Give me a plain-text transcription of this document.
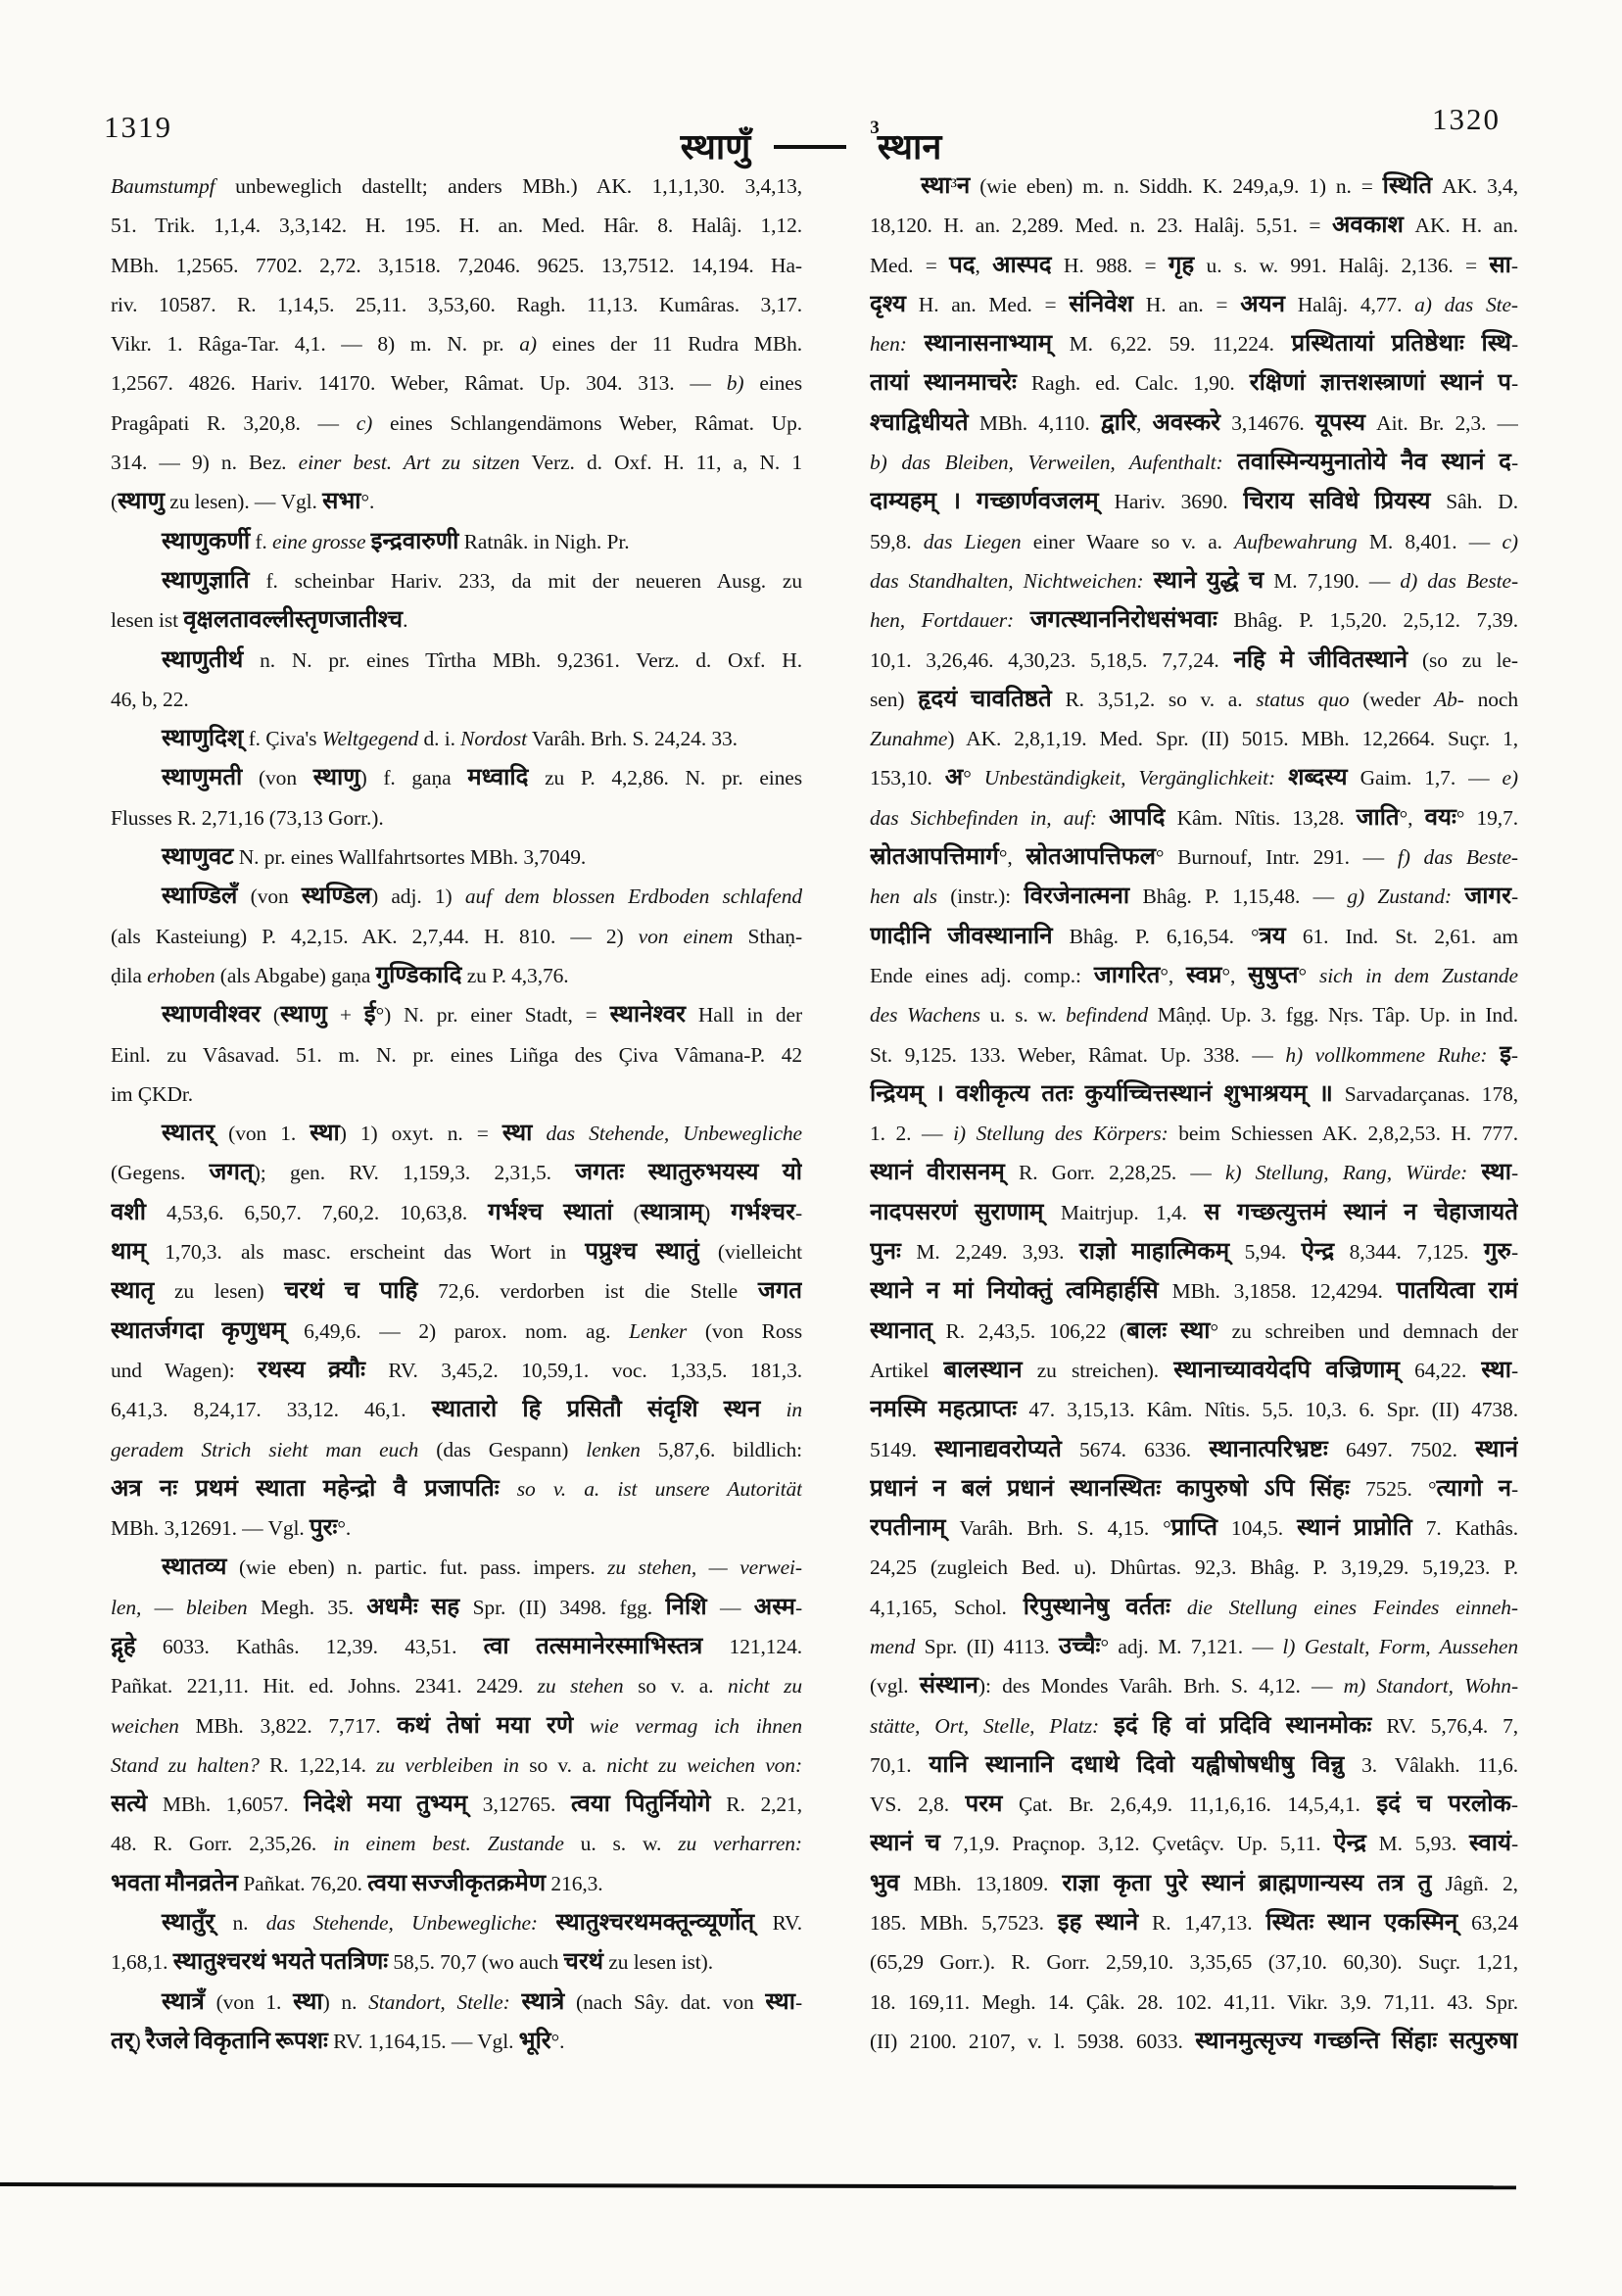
1319
स्थाणुँ	$^3$स्थान
1320
Baumstumpf unbeweglich dastellt; anders MBh.) AK. 1,1,1,30. 3,4,13,
51. Trik. 1,1,4. 3,3,142. H. 195. H. an. Med. Hâr. 8. Halâj. 1,12.
MBh. 1,2565. 7702. 2,72. 3,1518. 7,2046. 9625. 13,7512. 14,194. Ha-
riv. 10587. R. 1,14,5. 25,11. 3,53,60. Ragh. 11,13. Kumâras. 3,17.
Vikr. 1. Râga-Tar. 4,1. — 8) m. N. pr. a) eines der 11 Rudra MBh.
1,2567. 4826. Hariv. 14170. Weber, Râmat. Up. 304. 313. — b) eines
Pragâpati R. 3,20,8. — c) eines Schlangendämons Weber, Râmat. Up.
314. — 9) n. Bez. einer best. Art zu sitzen Verz. d. Oxf. H. 11, a, N. 1
(स्थाणु zu lesen). — Vgl. सभा°.
स्थाणुकर्णी f. eine grosse इन्द्रवारुणी Ratnâk. in Nigh. Pr.
स्थाणुज्ञाति f. scheinbar Hariv. 233, da mit der neueren Ausg. zu
lesen ist वृक्षलतावल्लीस्तृणजातीश्च.
स्थाणुतीर्थ n. N. pr. eines Tîrtha MBh. 9,2361. Verz. d. Oxf. H.
46, b, 22.
स्थाणुदिश् f. Çiva's Weltgegend d. i. Nordost Varâh. Brh. S. 24,24. 33.
स्थाणुमती (von स्थाणु) f. gaṇa मध्वादि zu P. 4,2,86. N. pr. eines
Flusses R. 2,71,16 (73,13 Gorr.).
स्थाणुवट N. pr. eines Wallfahrtsortes MBh. 3,7049.
स्थाण्डिलँ (von स्थण्डिल) adj. 1) auf dem blossen Erdboden schlafend
(als Kasteiung) P. 4,2,15. AK. 2,7,44. H. 810. — 2) von einem Sthaṇ-
ḍila erhoben (als Abgabe) gaṇa गुण्डिकादि zu P. 4,3,76.
स्थाणवीश्वर (स्थाणु + ई°) N. pr. einer Stadt, = स्थानेश्वर Hall in der
Einl. zu Vâsavad. 51. m. N. pr. eines Liñga des Çiva Vâmana-P. 42
im ÇKDr.
स्थातर् (von 1. स्था) 1) oxyt. n. = स्था das Stehende, Unbewegliche
(Gegens. जगत्); gen. RV. 1,159,3. 2,31,5. जगतः स्थातुरुभयस्य यो
वशी 4,53,6. 6,50,7. 7,60,2. 10,63,8. गर्भश्च स्थातां (स्थात्राम्) गर्भश्चर-
थाम् 1,70,3. als masc. erscheint das Wort in पप्रुश्च स्थातुं (vielleicht
स्थातृ zu lesen) चरथं च पाहि 72,6. verdorben ist die Stelle जगत
स्थातर्जगदा कृणुधम् 6,49,6. — 2) parox. nom. ag. Lenker (von Ross
und Wagen): रथस्य क्र्यौः RV. 3,45,2. 10,59,1. voc. 1,33,5. 181,3.
6,41,3. 8,24,17. 33,12. 46,1. स्थातारो हि प्रसितौ संदृशि स्थन in
geradem Strich sieht man euch (das Gespann) lenken 5,87,6. bildlich:
अत्र नः प्रथमं स्थाता महेन्द्रो वै प्रजापतिः so v. a. ist unsere Autorität
MBh. 3,12691. — Vgl. पुरः°.
स्थातव्य (wie eben) n. partic. fut. pass. impers. zu stehen, — verwei-
len, — bleiben Megh. 35. अधमैः सह Spr. (II) 3498. fgg. निशि — अस्म-
द्गृहे 6033. Kathâs. 12,39. 43,51. त्वा तत्समानेरस्माभिस्तत्र 121,124.
Pañkat. 221,11. Hit. ed. Johns. 2341. 2429. zu stehen so v. a. nicht zu
weichen MBh. 3,822. 7,717. कथं तेषां मया रणे wie vermag ich ihnen
Stand zu halten? R. 1,22,14. zu verbleiben in so v. a. nicht zu weichen von:
सत्ये MBh. 1,6057. निदेशे मया तुभ्यम् 3,12765. त्वया पितुर्नियोगे R. 2,21,
48. R. Gorr. 2,35,26. in einem best. Zustande u. s. w. zu verharren:
भवता मौनव्रतेन Pañkat. 76,20. त्वया सज्जीकृतक्रमेण 216,3.
स्थातुँर् n. das Stehende, Unbewegliche: स्थातुश्चरथमक्तून्व्यूर्णोत् RV.
1,68,1. स्थातुश्चरथं भयते पतत्रिणः 58,5. 70,7 (wo auch चरथं zu lesen ist).
स्थात्रँ (von 1. स्था) n. Standort, Stelle: स्थात्रे (nach Sây. dat. von स्था-
तर्) रैजले विकृतानि रूपशः RV. 1,164,15. — Vgl. भूरि°.
स्था³न (wie eben) m. n. Siddh. K. 249,a,9. 1) n. = स्थिति AK. 3,4,
18,120. H. an. 2,289. Med. n. 23. Halâj. 5,51. = अवकाश AK. H. an.
Med. = पद, आस्पद H. 988. = गृह u. s. w. 991. Halâj. 2,136. = सा-
दृश्य H. an. Med. = संनिवेश H. an. = अयन Halâj. 4,77. a) das Ste-
hen: स्थानासनाभ्याम् M. 6,22. 59. 11,224. प्रस्थितायां प्रतिष्ठेथाः स्थि-
तायां स्थानमाचरेः Ragh. ed. Calc. 1,90. रक्षिणां ज्ञात्तशस्त्राणां स्थानं प-
श्चाद्विधीयते MBh. 4,110. द्वारि, अवस्करे 3,14676. यूपस्य Ait. Br. 2,3. —
b) das Bleiben, Verweilen, Aufenthalt: तवास्मिन्यमुनातोये नैव स्थानं द-
दाम्यहम् । गच्छार्णवजलम् Hariv. 3690. चिराय सविधे प्रियस्य Sâh. D.
59,8. das Liegen einer Waare so v. a. Aufbewahrung M. 8,401. — c)
das Standhalten, Nichtweichen: स्थाने युद्धे च M. 7,190. — d) das Beste-
hen, Fortdauer: जगत्स्थाननिरोधसंभवाः Bhâg. P. 1,5,20. 2,5,12. 7,39.
10,1. 3,26,46. 4,30,23. 5,18,5. 7,7,24. नहि मे जीवितस्थाने (so zu le-
sen) हृदयं चावतिष्ठते R. 3,51,2. so v. a. status quo (weder Ab- noch
Zunahme) AK. 2,8,1,19. Med. Spr. (II) 5015. MBh. 12,2664. Suçr. 1,
153,10. अ° Unbeständigkeit, Vergänglichkeit: शब्दस्य Gaim. 1,7. — e)
das Sichbefinden in, auf: आपदि Kâm. Nîtis. 13,28. जाति°, वयः° 19,7.
स्रोतआपत्तिमार्ग°, स्रोतआपत्तिफल° Burnouf, Intr. 291. — f) das Beste-
hen als (instr.): विरजेनात्मना Bhâg. P. 1,15,48. — g) Zustand: जागर-
णादीनि जीवस्थानानि Bhâg. P. 6,16,54. °त्रय 61. Ind. St. 2,61. am
Ende eines adj. comp.: जागरित°, स्वप्न°, सुषुप्त° sich in dem Zustande
des Wachens u. s. w. befindend Mâṇḍ. Up. 3. fgg. Nṛs. Tâp. Up. in Ind.
St. 9,125. 133. Weber, Râmat. Up. 338. — h) vollkommene Ruhe: इ-
न्द्रियम् । वशीकृत्य ततः कुर्याच्चित्तस्थानं शुभाश्रयम् ॥ Sarvadarçanas. 178,
1. 2. — i) Stellung des Körpers: beim Schiessen AK. 2,8,2,53. H. 777.
स्थानं वीरासनम् R. Gorr. 2,28,25. — k) Stellung, Rang, Würde: स्था-
नादपसरणं सुराणाम् Maitrjup. 1,4. स गच्छत्युत्तमं स्थानं न चेहाजायते
पुनः M. 2,249. 3,93. राज्ञो माहात्मिकम् 5,94. ऐन्द्र 8,344. 7,125. गुरु-
स्थाने न मां नियोक्तुं त्वमिहार्हसि MBh. 3,1858. 12,4294. पातयित्वा रामं
स्थानात् R. 2,43,5. 106,22 (बालः स्था° zu schreiben und demnach der
Artikel बालस्थान zu streichen). स्थानाच्यावयेदपि वज्रिणाम् 64,22. स्था-
नमस्मि महत्प्राप्तः 47. 3,15,13. Kâm. Nîtis. 5,5. 10,3. 6. Spr. (II) 4738.
5149. स्थानाद्यवरोप्यते 5674. 6336. स्थानात्परिभ्रष्टः 6497. 7502. स्थानं
प्रधानं न बलं प्रधानं स्थानस्थितः कापुरुषो ऽपि सिंहः 7525. °त्यागो न-
रपतीनाम् Varâh. Brh. S. 4,15. °प्राप्ति 104,5. स्थानं प्राप्नोति 7. Kathâs.
24,25 (zugleich Bed. u). Dhûrtas. 92,3. Bhâg. P. 3,19,29. 5,19,23. P.
4,1,165, Schol. रिपुस्थानेषु वर्ततः die Stellung eines Feindes einneh-
mend Spr. (II) 4113. उच्चैः° adj. M. 7,121. — l) Gestalt, Form, Aussehen
(vgl. संस्थान): des Mondes Varâh. Brh. S. 4,12. — m) Standort, Wohn-
stätte, Ort, Stelle, Platz: इदं हि वां प्रदिवि स्थानमोकः RV. 5,76,4. 7,
70,1. यानि स्थानानि दधाथे दिवो यह्वीषोषधीषु विन्नु 3. Vâlakh. 11,6.
VS. 2,8. परम Çat. Br. 2,6,4,9. 11,1,6,16. 14,5,4,1. इदं च परलोक-
स्थानं च 7,1,9. Praçnop. 3,12. Çvetâçv. Up. 5,11. ऐन्द्र M. 5,93. स्वायं-
भुव MBh. 13,1809. राज्ञा कृता पुरे स्थानं ब्राह्मणान्यस्य तत्र तु Jâgñ. 2,
185. MBh. 5,7523. इह स्थाने R. 1,47,13. स्थितः स्थान एकस्मिन् 63,24
(65,29 Gorr.). R. Gorr. 2,59,10. 3,35,65 (37,10. 60,30). Suçr. 1,21,
18. 169,11. Megh. 14. Çâk. 28. 102. 41,11. Vikr. 3,9. 71,11. 43. Spr.
(II) 2100. 2107, v. l. 5938. 6033. स्थानमुत्सृज्य गच्छन्ति सिंहाः सत्पुरुषा
